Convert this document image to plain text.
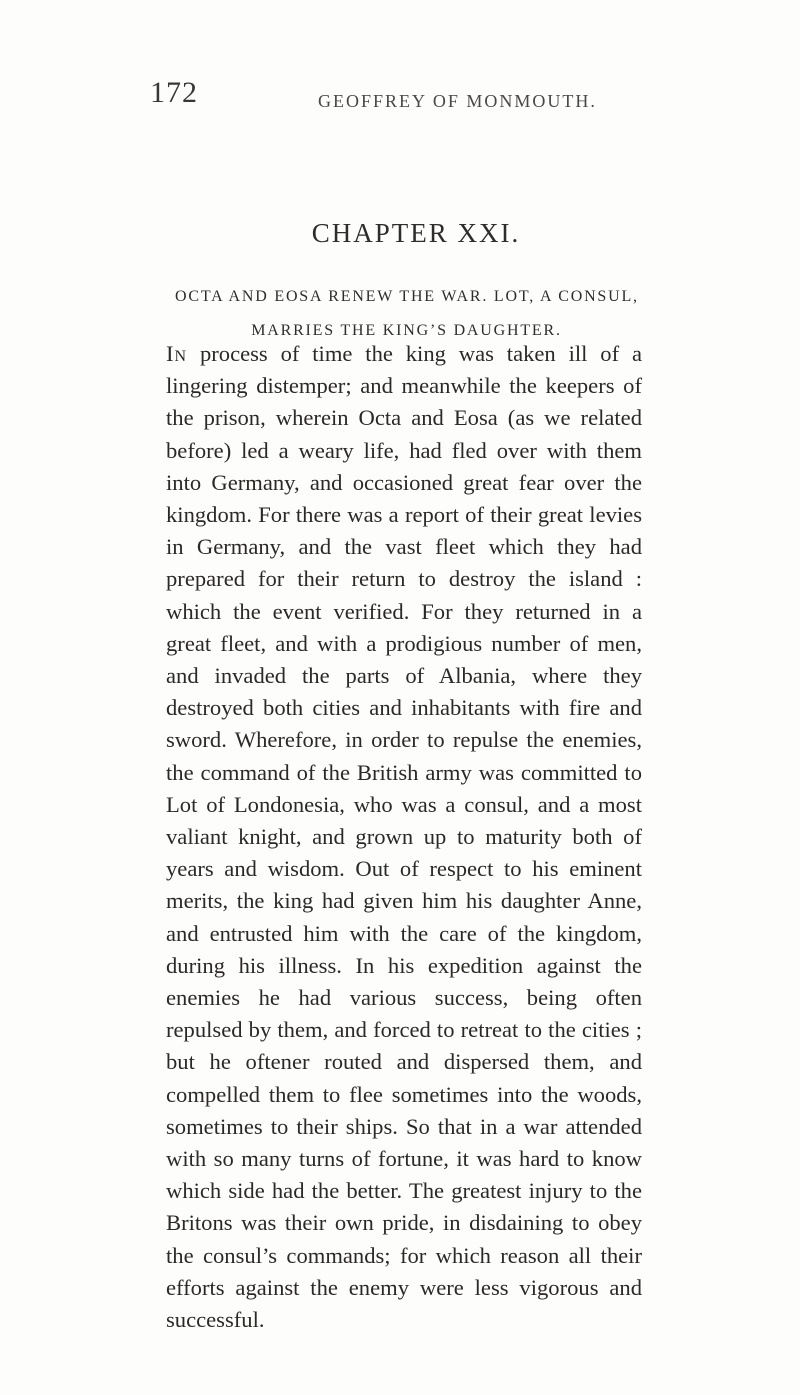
172	GEOFFREY OF MONMOUTH.
CHAPTER XXI.
OCTA AND EOSA RENEW THE WAR. LOT, A CONSUL,
MARRIES THE KING’S DAUGHTER.

In process of time the king was taken ill of a lingering distemper; and meanwhile the keepers of the prison, wherein Octa and Eosa (as we related before) led a weary life, had fled over with them into Germany, and occasioned great fear over the kingdom. For there was a report of their great levies in Germany, and the vast fleet which they had prepared for their return to destroy the island : which the event verified. For they returned in a great fleet, and with a prodigious number of men, and invaded the parts of Albania, where they destroyed both cities and inhabitants with fire and sword. Wherefore, in order to repulse the enemies, the command of the British army was committed to Lot of Londonesia, who was a consul, and a most valiant knight, and grown up to maturity both of years and wisdom. Out of respect to his eminent merits, the king had given him his daughter Anne, and entrusted him with the care of the kingdom, during his illness. In his expedition against the enemies he had various success, being often repulsed by them, and forced to retreat to the cities ; but he oftener routed and dispersed them, and compelled them to flee sometimes into the woods, sometimes to their ships. So that in a war attended with so many turns of fortune, it was hard to know which side had the better. The greatest injury to the Britons was their own pride, in disdaining to obey the consul’s commands; for which reason all their efforts against the enemy were less vigorous and successful.
